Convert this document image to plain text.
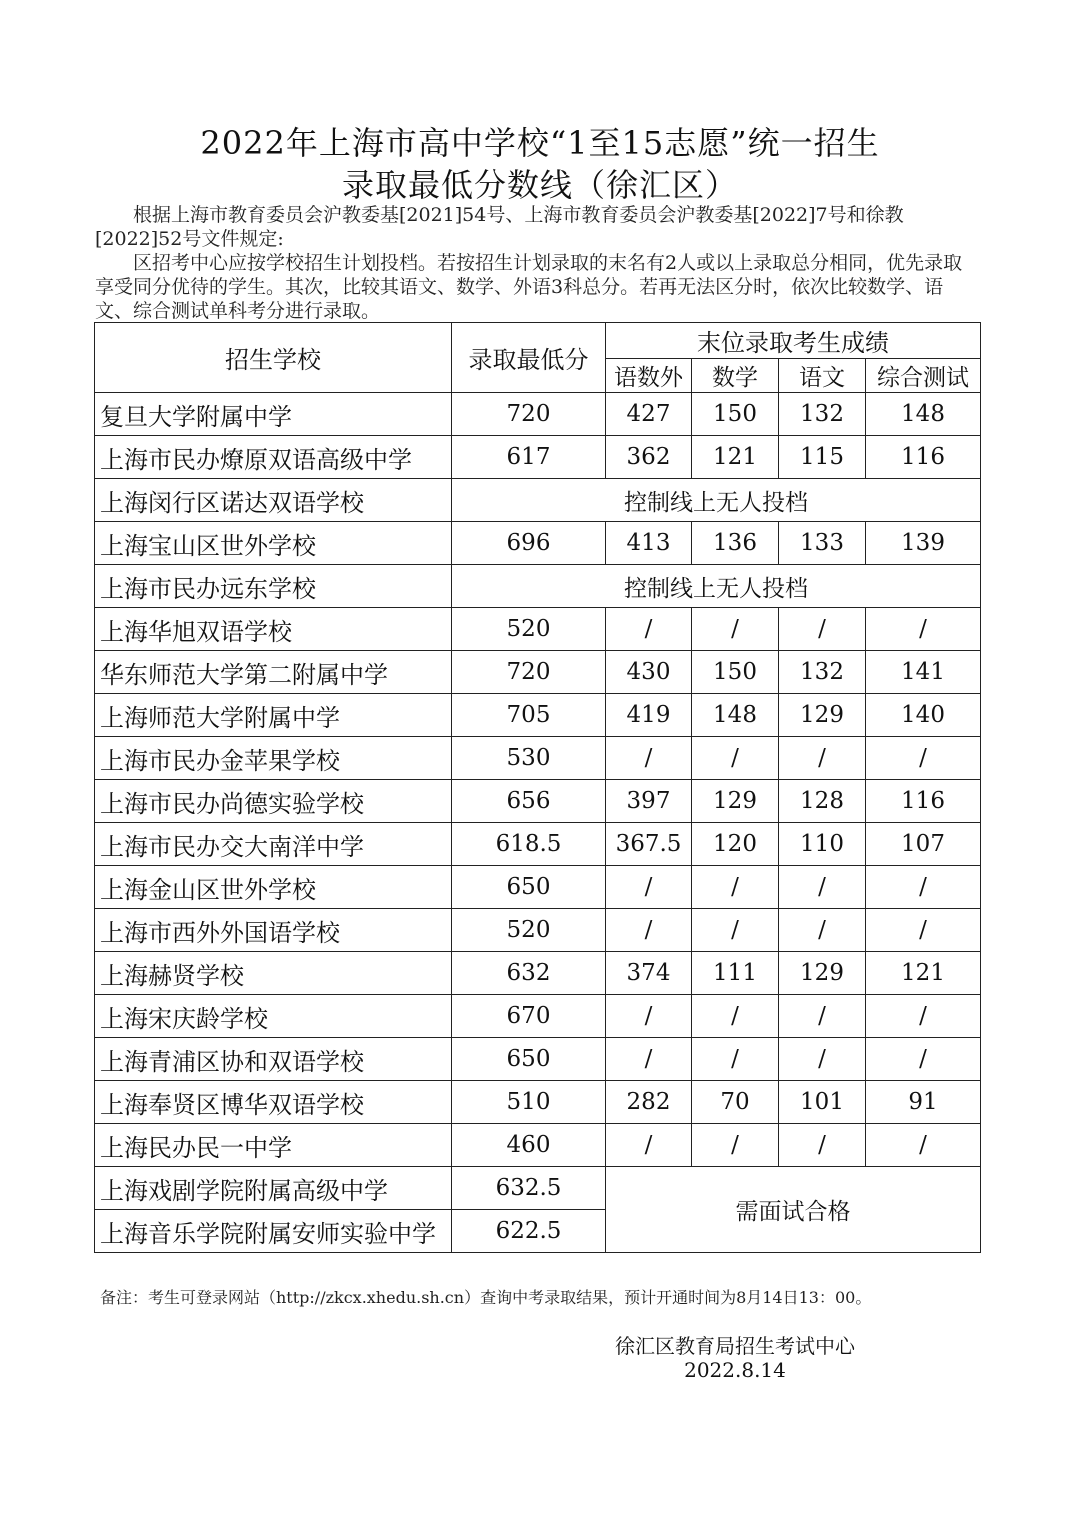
2022年上海市高中学校“1至15志愿”统一招生
录取最低分数线（徐汇区）
根据上海市教育委员会沪教委基[2021]54号、上海市教育委员会沪教委基[2022]7号和徐教[2022]52号文件规定:
区招考中心应按学校招生计划投档。若按招生计划录取的末名有2人或以上录取总分相同，优先录取享受同分优待的学生。其次，比较其语文、数学、外语3科总分。若再无法区分时，依次比较数学、语文、综合测试单科考分进行录取。
招生学校	录取最低分	末位录取考生成绩			
		语数外	数学	语文	综合测试
复旦大学附属中学	720	427	150	132	148
上海市民办燎原双语高级中学	617	362	121	115	116
上海闵行区诺达双语学校	控制线上无人投档				
上海宝山区世外学校	696	413	136	133	139
上海市民办远东学校	控制线上无人投档				
上海华旭双语学校	520	/	/	/	/
华东师范大学第二附属中学	720	430	150	132	141
上海师范大学附属中学	705	419	148	129	140
上海市民办金苹果学校	530	/	/	/	/
上海市民办尚德实验学校	656	397	129	128	116
上海市民办交大南洋中学	618.5	367.5	120	110	107
上海金山区世外学校	650	/	/	/	/
上海市西外外国语学校	520	/	/	/	/
上海赫贤学校	632	374	111	129	121
上海宋庆龄学校	670	/	/	/	/
上海青浦区协和双语学校	650	/	/	/	/
上海奉贤区博华双语学校	510	282	70	101	91
上海民办民一中学	460	/	/	/	/
上海戏剧学院附属高级中学	632.5	需面试合格			
上海音乐学院附属安师实验中学	622.5				
备注：考生可登录网站（http://zkcx.xhedu.sh.cn）查询中考录取结果，预计开通时间为8月14日13：00。
徐汇区教育局招生考试中心
2022.8.14
